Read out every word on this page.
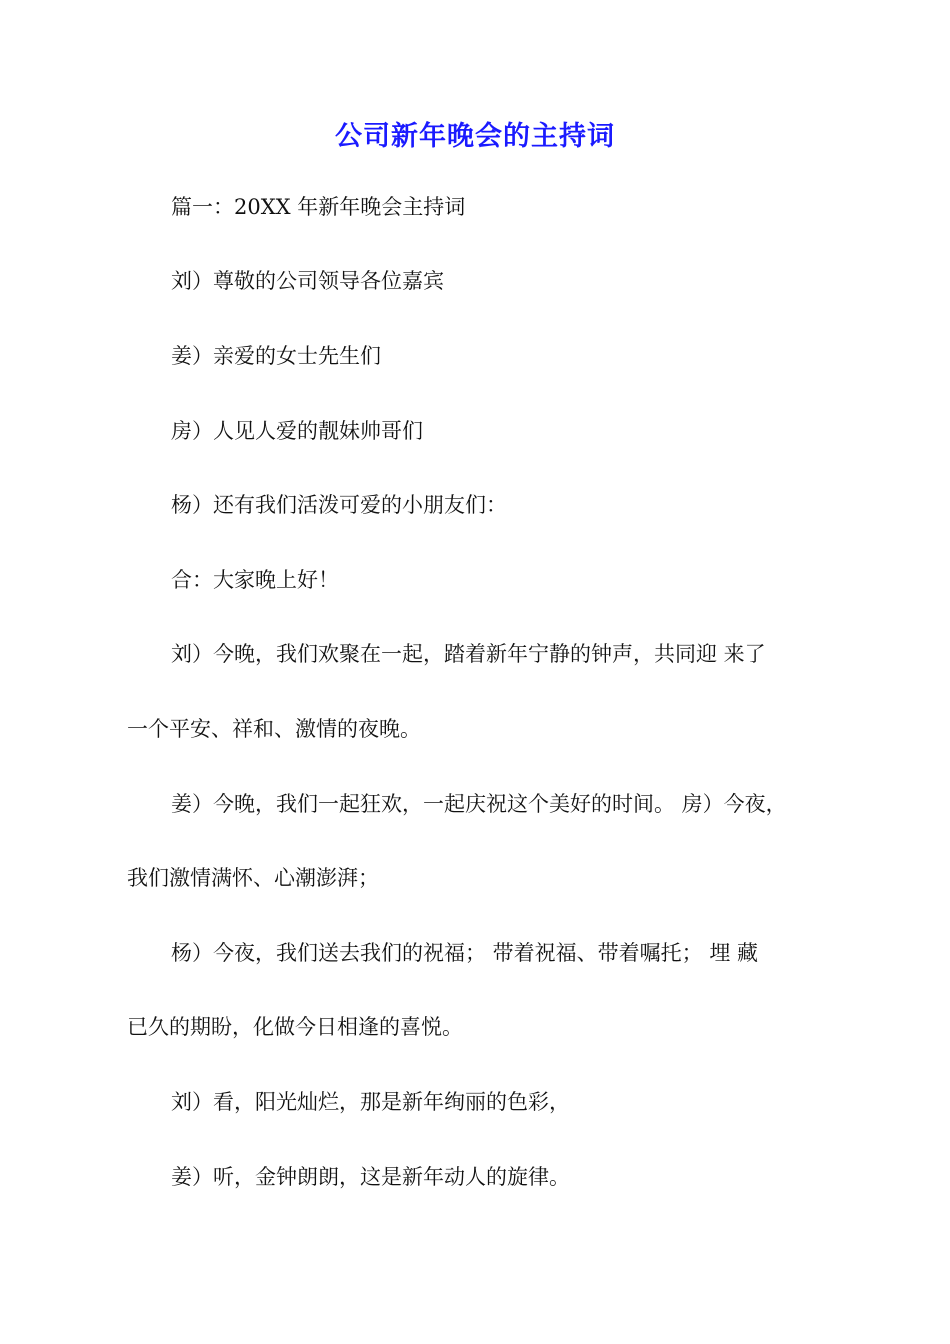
公司新年晚会的主持词

篇一：20XX 年新年晚会主持词

刘）尊敬的公司领导各位嘉宾

姜）亲爱的女士先生们

房）人见人爱的靓妹帅哥们

杨）还有我们活泼可爱的小朋友们：

合：大家晚上好！

刘）今晚，我们欢聚在一起，踏着新年宁静的钟声，共同迎 来了

一个平安、祥和、激情的夜晚。

姜）今晚，我们一起狂欢，一起庆祝这个美好的时间。 房）今夜，

我们激情满怀、心潮澎湃；

杨）今夜，我们送去我们的祝福； 带着祝福、带着嘱托； 埋 藏

已久的期盼，化做今日相逢的喜悦。

刘）看，阳光灿烂，那是新年绚丽的色彩，

姜）听，金钟朗朗，这是新年动人的旋律。
